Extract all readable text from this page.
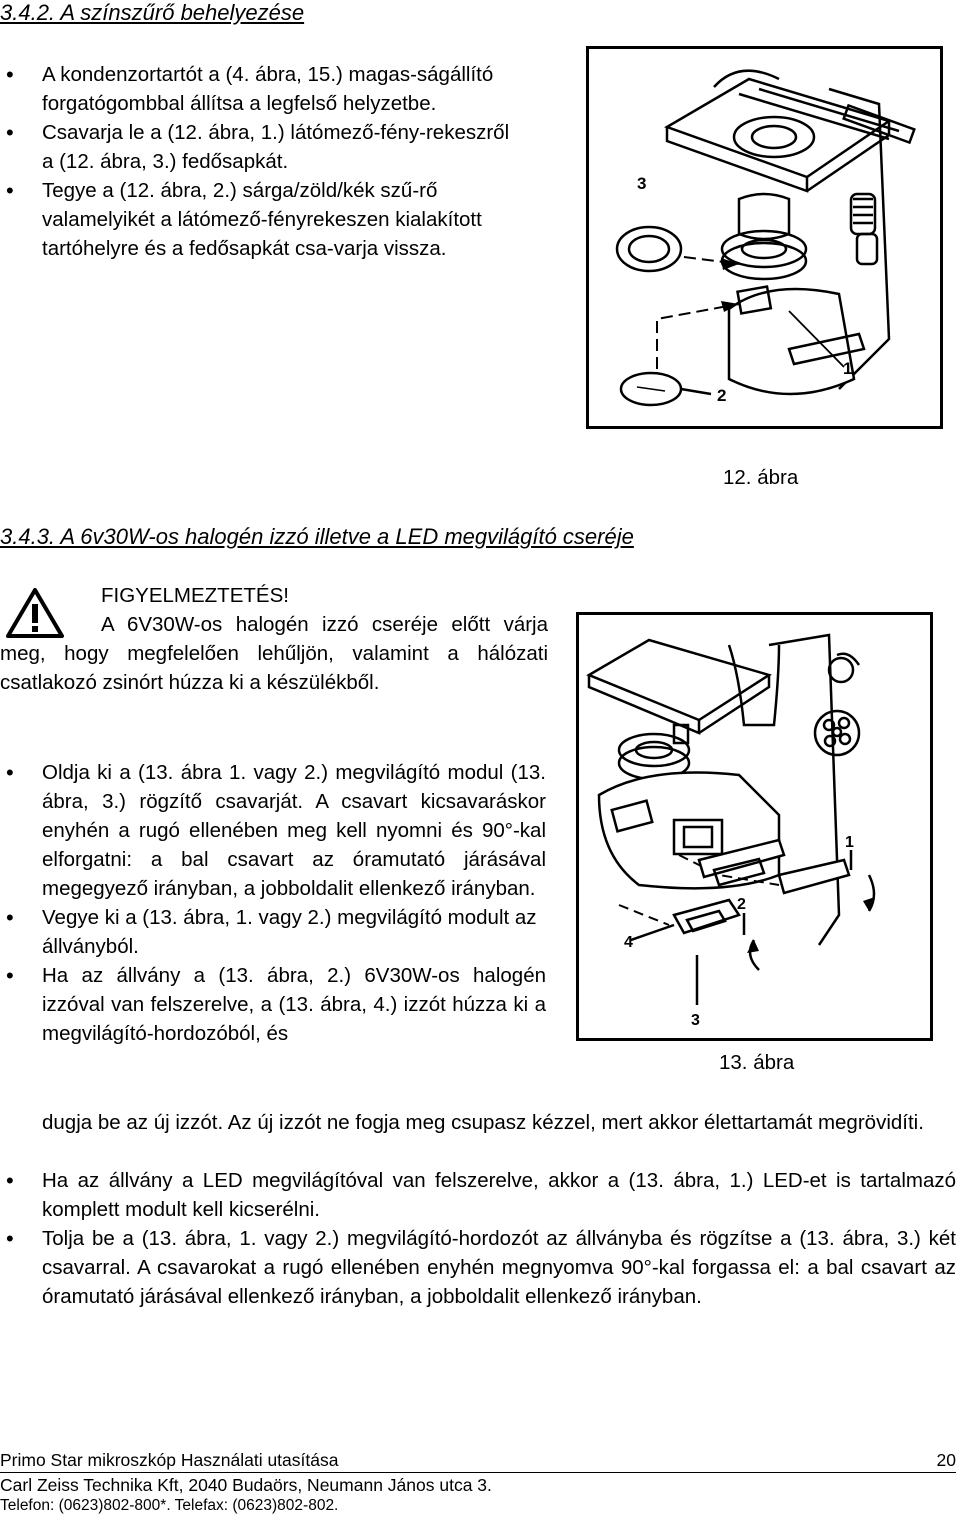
3.4.2. A színszűrő behelyezése
• A kondenzortartót a (4. ábra, 15.) magas-ságállító forgatógombbal állítsa a legfelső helyzetbe.
• Csavarja le a (12. ábra, 1.) látómező-fény-rekeszről a (12. ábra, 3.) fedősapkát.
• Tegye a (12. ábra, 2.) sárga/zöld/kék szű-rő valamelyikét a látómező-fényrekeszen kialakított tartóhelyre és a fedősapkát csa-varja vissza.
3
2
1
12. ábra
3.4.3. A 6v30W-os halogén izzó illetve a LED megvilágító cseréje
FIGYELMEZTETÉS!
A 6V30W-os halogén izzó cseréje előtt várja meg, hogy megfelelően lehűljön, valamint a hálózati csatlakozó zsinórt húzza ki a készülékből.
• Oldja ki a (13. ábra 1. vagy 2.) megvilágító modul (13. ábra, 3.) rögzítő csavarját. A csavart kicsavaráskor enyhén a rugó ellenében meg kell nyomni és 90°-kal elforgatni: a bal csavart az óramutató járásával megegyező irányban, a jobboldalit ellenkező irányban.
• Vegye ki a (13. ábra, 1. vagy 2.) megvilágító modult az állványból.
• Ha az állvány a (13. ábra, 2.) 6V30W-os halogén izzóval van felszerelve, a (13. ábra, 4.) izzót húzza ki a megvilágító-hordozóból, és
1
2
4
3
13. ábra
dugja be az új izzót. Az új izzót ne fogja meg csupasz kézzel, mert akkor élettartamát megrövidíti.
• Ha az állvány a LED megvilágítóval van felszerelve, akkor a (13. ábra, 1.) LED-et is tartalmazó komplett modult kell kicserélni.
• Tolja be a (13. ábra, 1. vagy 2.) megvilágító-hordozót az állványba és rögzítse a (13. ábra, 3.) két csavarral. A csavarokat a rugó ellenében enyhén megnyomva 90°-kal forgassa el: a bal csavart az óramutató járásával ellenkező irányban, a jobboldalit ellenkező irányban.
Primo Star mikroszkóp Használati utasítása	20
Carl Zeiss Technika Kft, 2040 Budaörs, Neumann János utca 3.
Telefon: (0623)802-800*. Telefax: (0623)802-802.
